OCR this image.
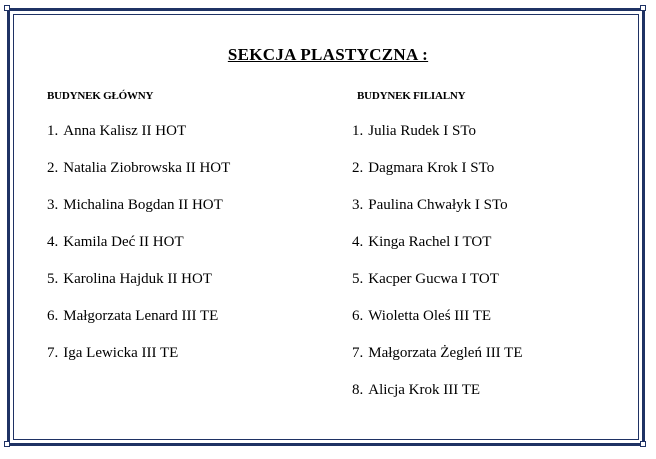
SEKCJA PLASTYCZNA :
BUDYNEK GŁÓWNY	BUDYNEK FILIALNY
1. Anna Kalisz II HOT
2. Natalia Ziobrowska II HOT
3. Michalina Bogdan II HOT
4. Kamila Deć II HOT
5. Karolina Hajduk II HOT
6. Małgorzata Lenard III TE
7. Iga Lewicka III TE
1. Julia Rudek I STo
2. Dagmara Krok I STo
3. Paulina Chwałyk I STo
4. Kinga Rachel I TOT
5. Kacper Gucwa I TOT
6. Wioletta Oleś III TE
7. Małgorzata Żegleń III TE
8. Alicja Krok III TE
